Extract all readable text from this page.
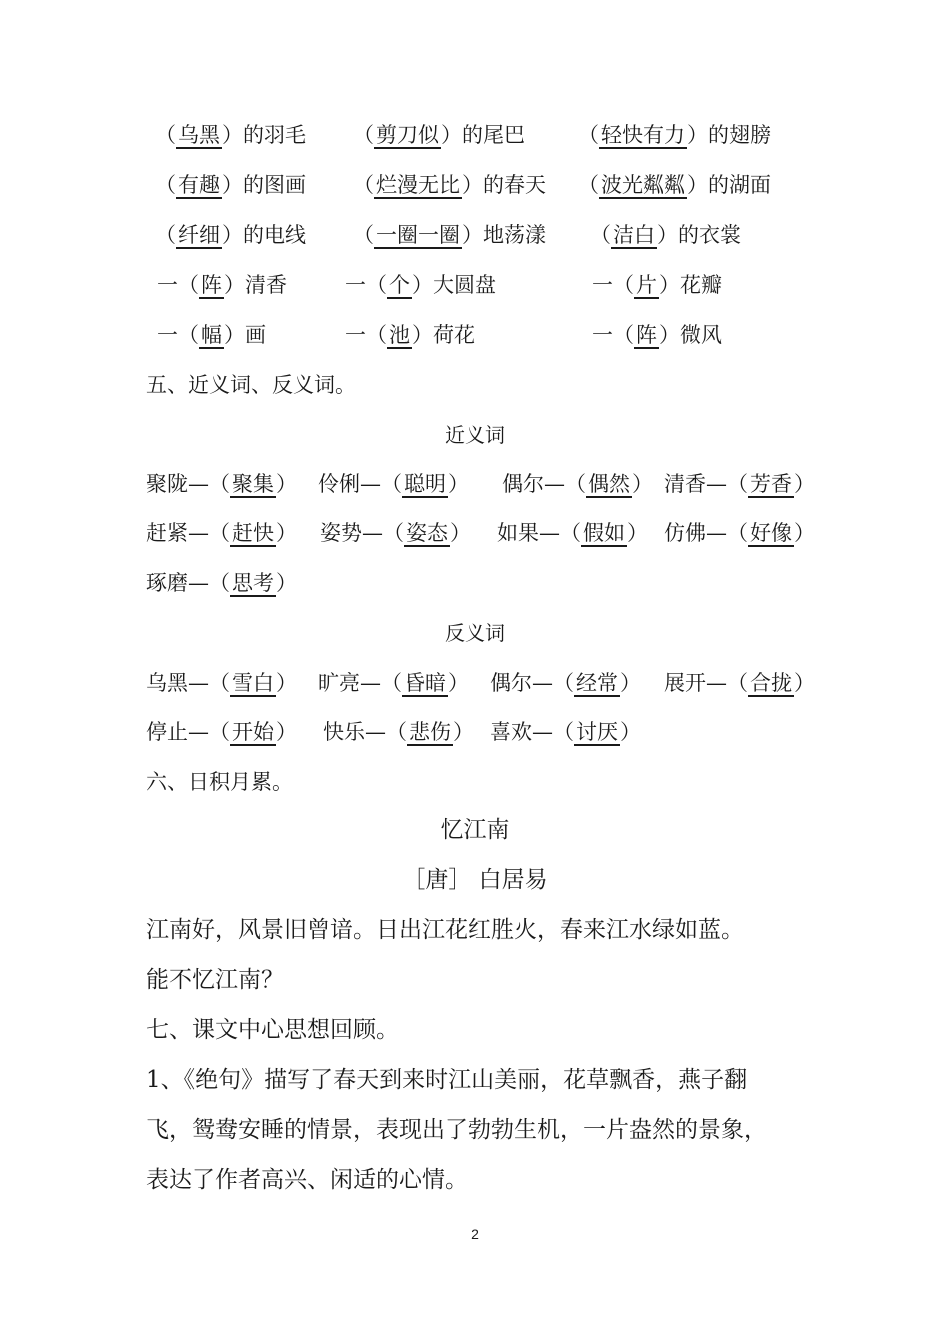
（乌黑）的羽毛 （剪刀似）的尾巴	（轻快有力）的翅膀
（有趣）的图画 （烂漫无比）的春天 （波光粼粼）的湖面
（纤细）的电线 （一圈一圈）地荡漾 （洁白）的衣裳
一（阵）清香	一（个）大圆盘	一（片）花瓣
一（幅）画	一（池）荷花	一（阵）微风
五、近义词、反义词。
近义词
聚陇—（聚集） 伶俐—（聪明） 偶尔—（偶然） 清香—（芳香）
赶紧—（赶快） 姿势—（姿态） 如果—（假如） 仿佛—（好像）
琢磨—（思考）
反义词
乌黑—（雪白） 旷亮—（昏暗） 偶尔—（经常） 展开—（合拢）
停止—（开始） 快乐—（悲伤） 喜欢—（讨厌）
六、日积月累。
忆江南
［唐］ 白居易
江南好，风景旧曾谙。日出江花红胜火，春来江水绿如蓝。
能不忆江南？
七、课文中心思想回顾。
1、《绝句》描写了春天到来时江山美丽，花草飘香，燕子翻
飞，鸳鸯安睡的情景，表现出了勃勃生机，一片盎然的景象，
表达了作者高兴、闲适的心情。
2
